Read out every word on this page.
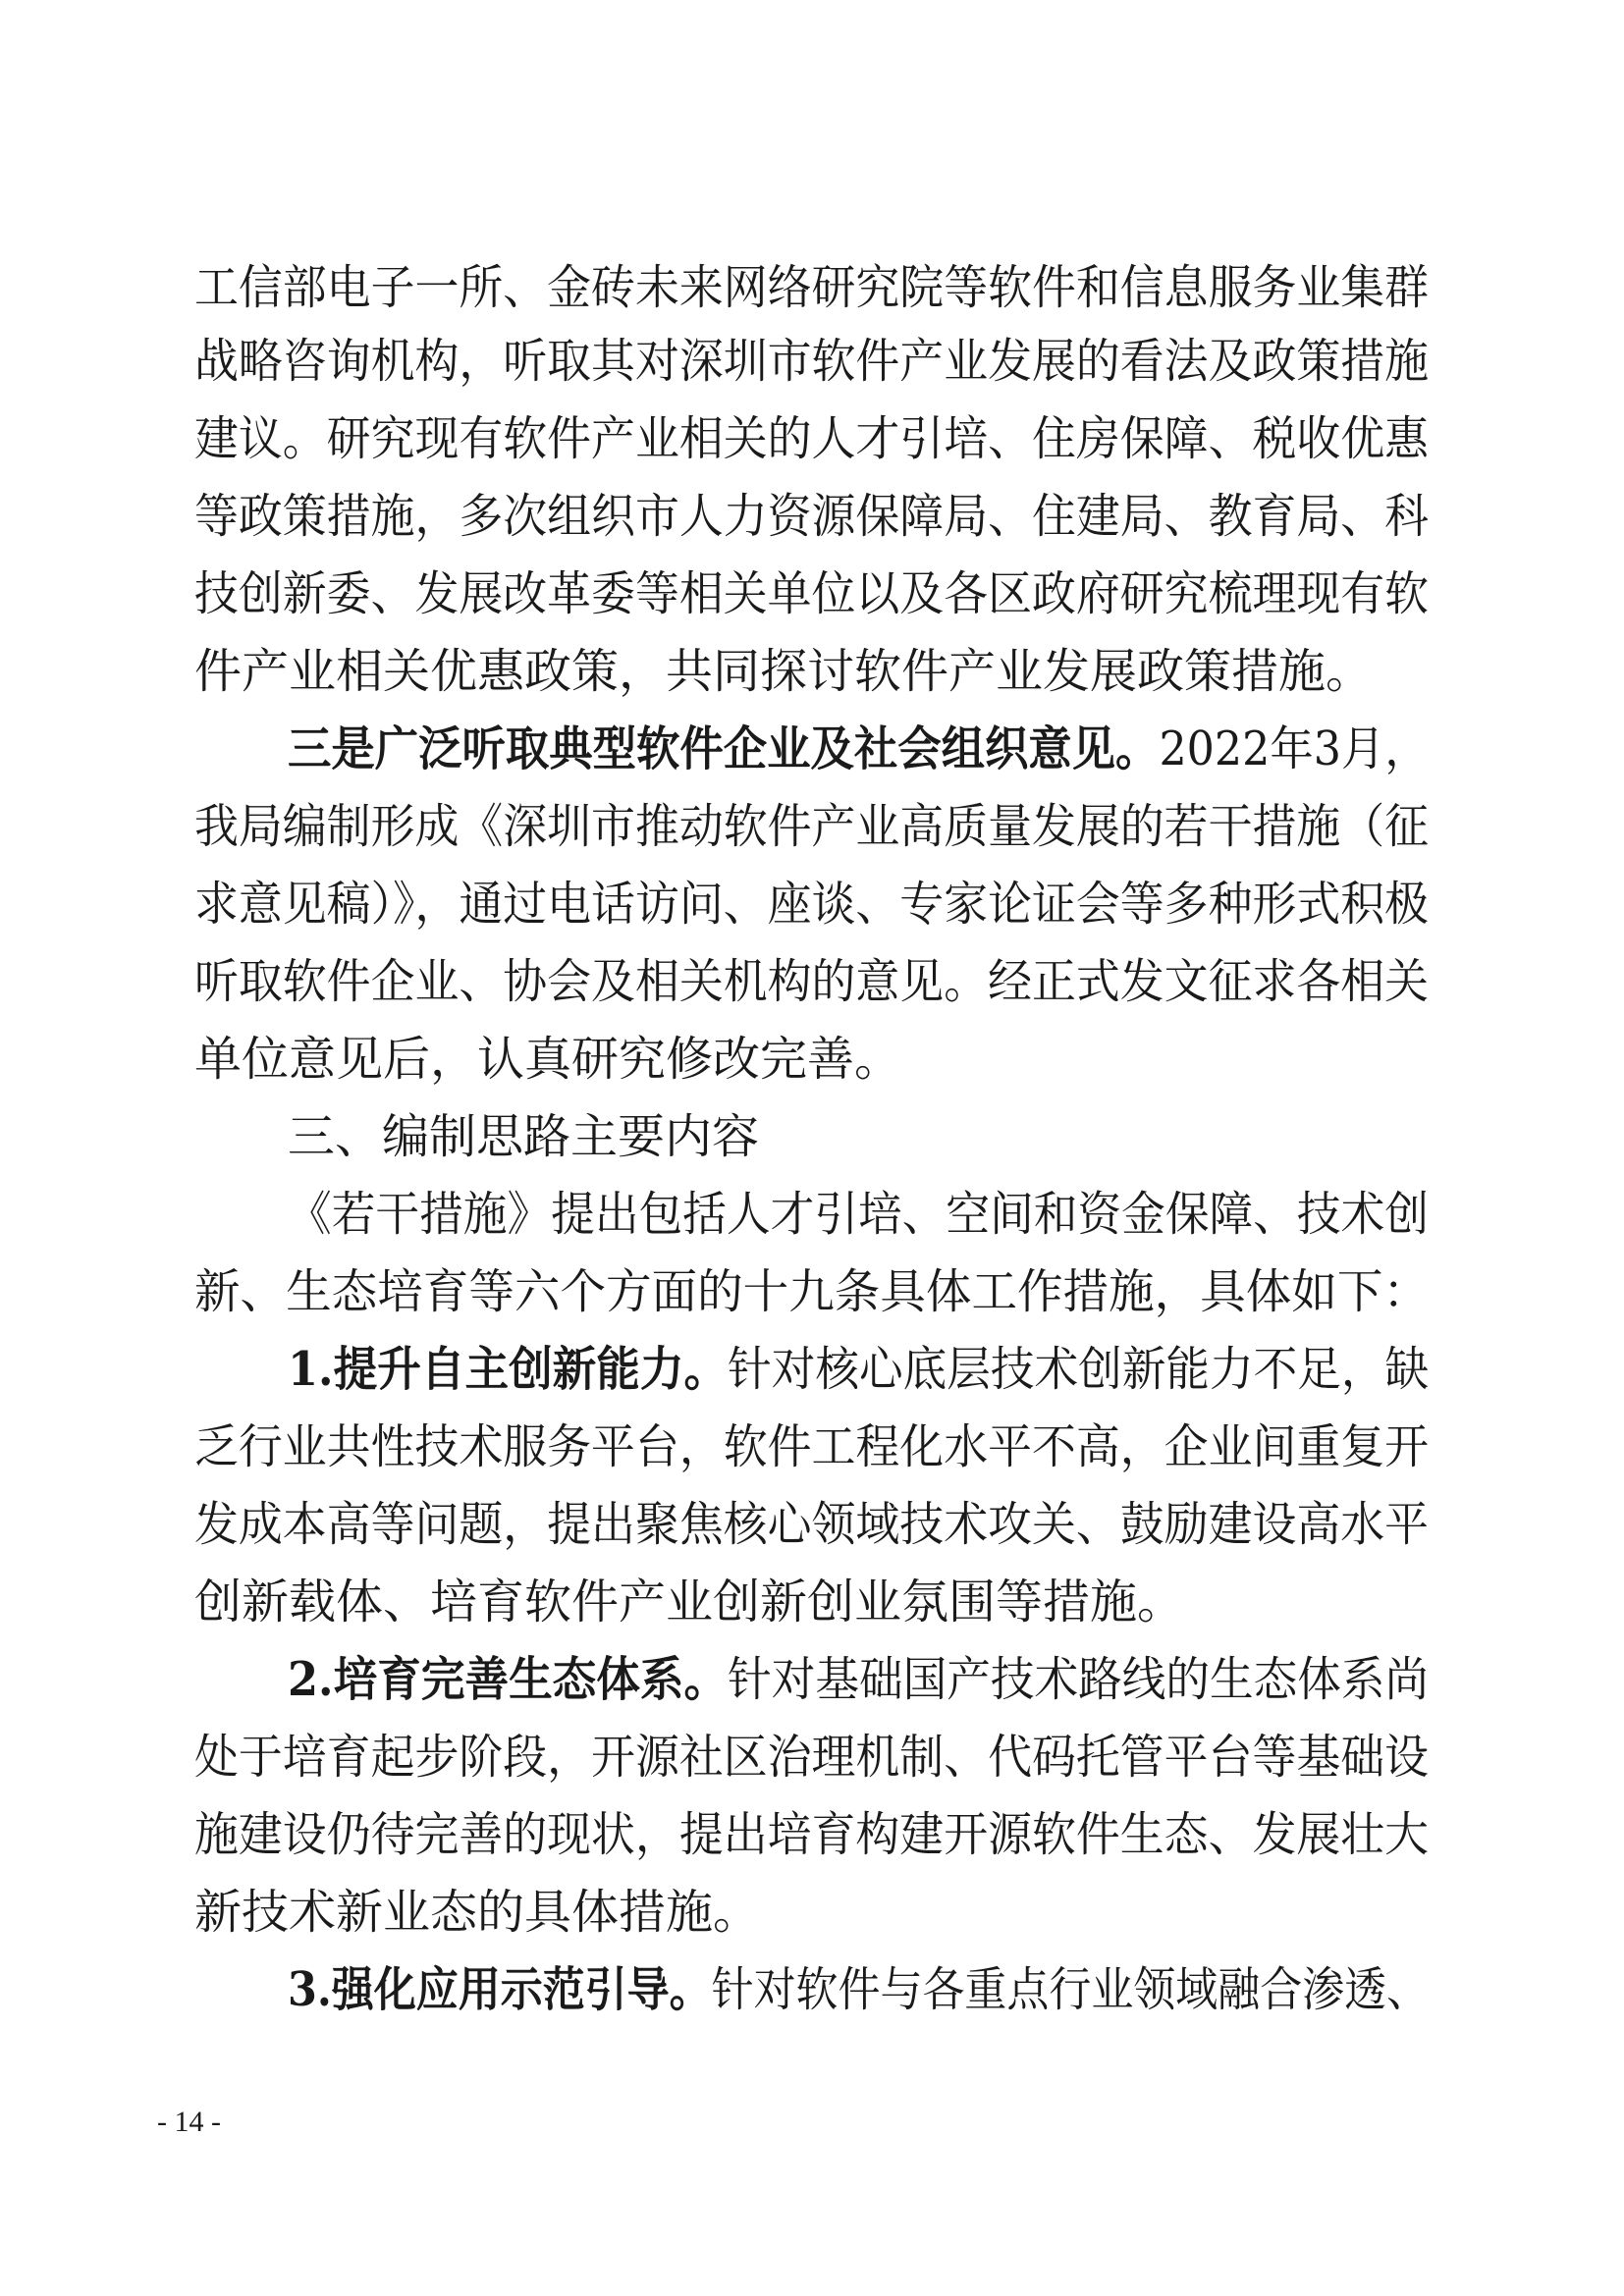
工信部电子一所、金砖未来网络研究院等软件和信息服务业集群
战略咨询机构，听取其对深圳市软件产业发展的看法及政策措施
建议。研究现有软件产业相关的人才引培、住房保障、税收优惠
等政策措施，多次组织市人力资源保障局、住建局、教育局、科
技创新委、发展改革委等相关单位以及各区政府研究梳理现有软
件产业相关优惠政策，共同探讨软件产业发展政策措施。
三是广泛听取典型软件企业及社会组织意见。2022年3月，
我局编制形成《深圳市推动软件产业高质量发展的若干措施（征
求意见稿）》，通过电话访问、座谈、专家论证会等多种形式积极
听取软件企业、协会及相关机构的意见。经正式发文征求各相关
单位意见后，认真研究修改完善。
三、编制思路主要内容
《若干措施》提出包括人才引培、空间和资金保障、技术创
新、生态培育等六个方面的十九条具体工作措施，具体如下：
1.提升自主创新能力。针对核心底层技术创新能力不足，缺
乏行业共性技术服务平台，软件工程化水平不高，企业间重复开
发成本高等问题，提出聚焦核心领域技术攻关、鼓励建设高水平
创新载体、培育软件产业创新创业氛围等措施。
2.培育完善生态体系。针对基础国产技术路线的生态体系尚
处于培育起步阶段，开源社区治理机制、代码托管平台等基础设
施建设仍待完善的现状，提出培育构建开源软件生态、发展壮大
新技术新业态的具体措施。
3.强化应用示范引导。针对软件与各重点行业领域融合渗透、
- 14 -
